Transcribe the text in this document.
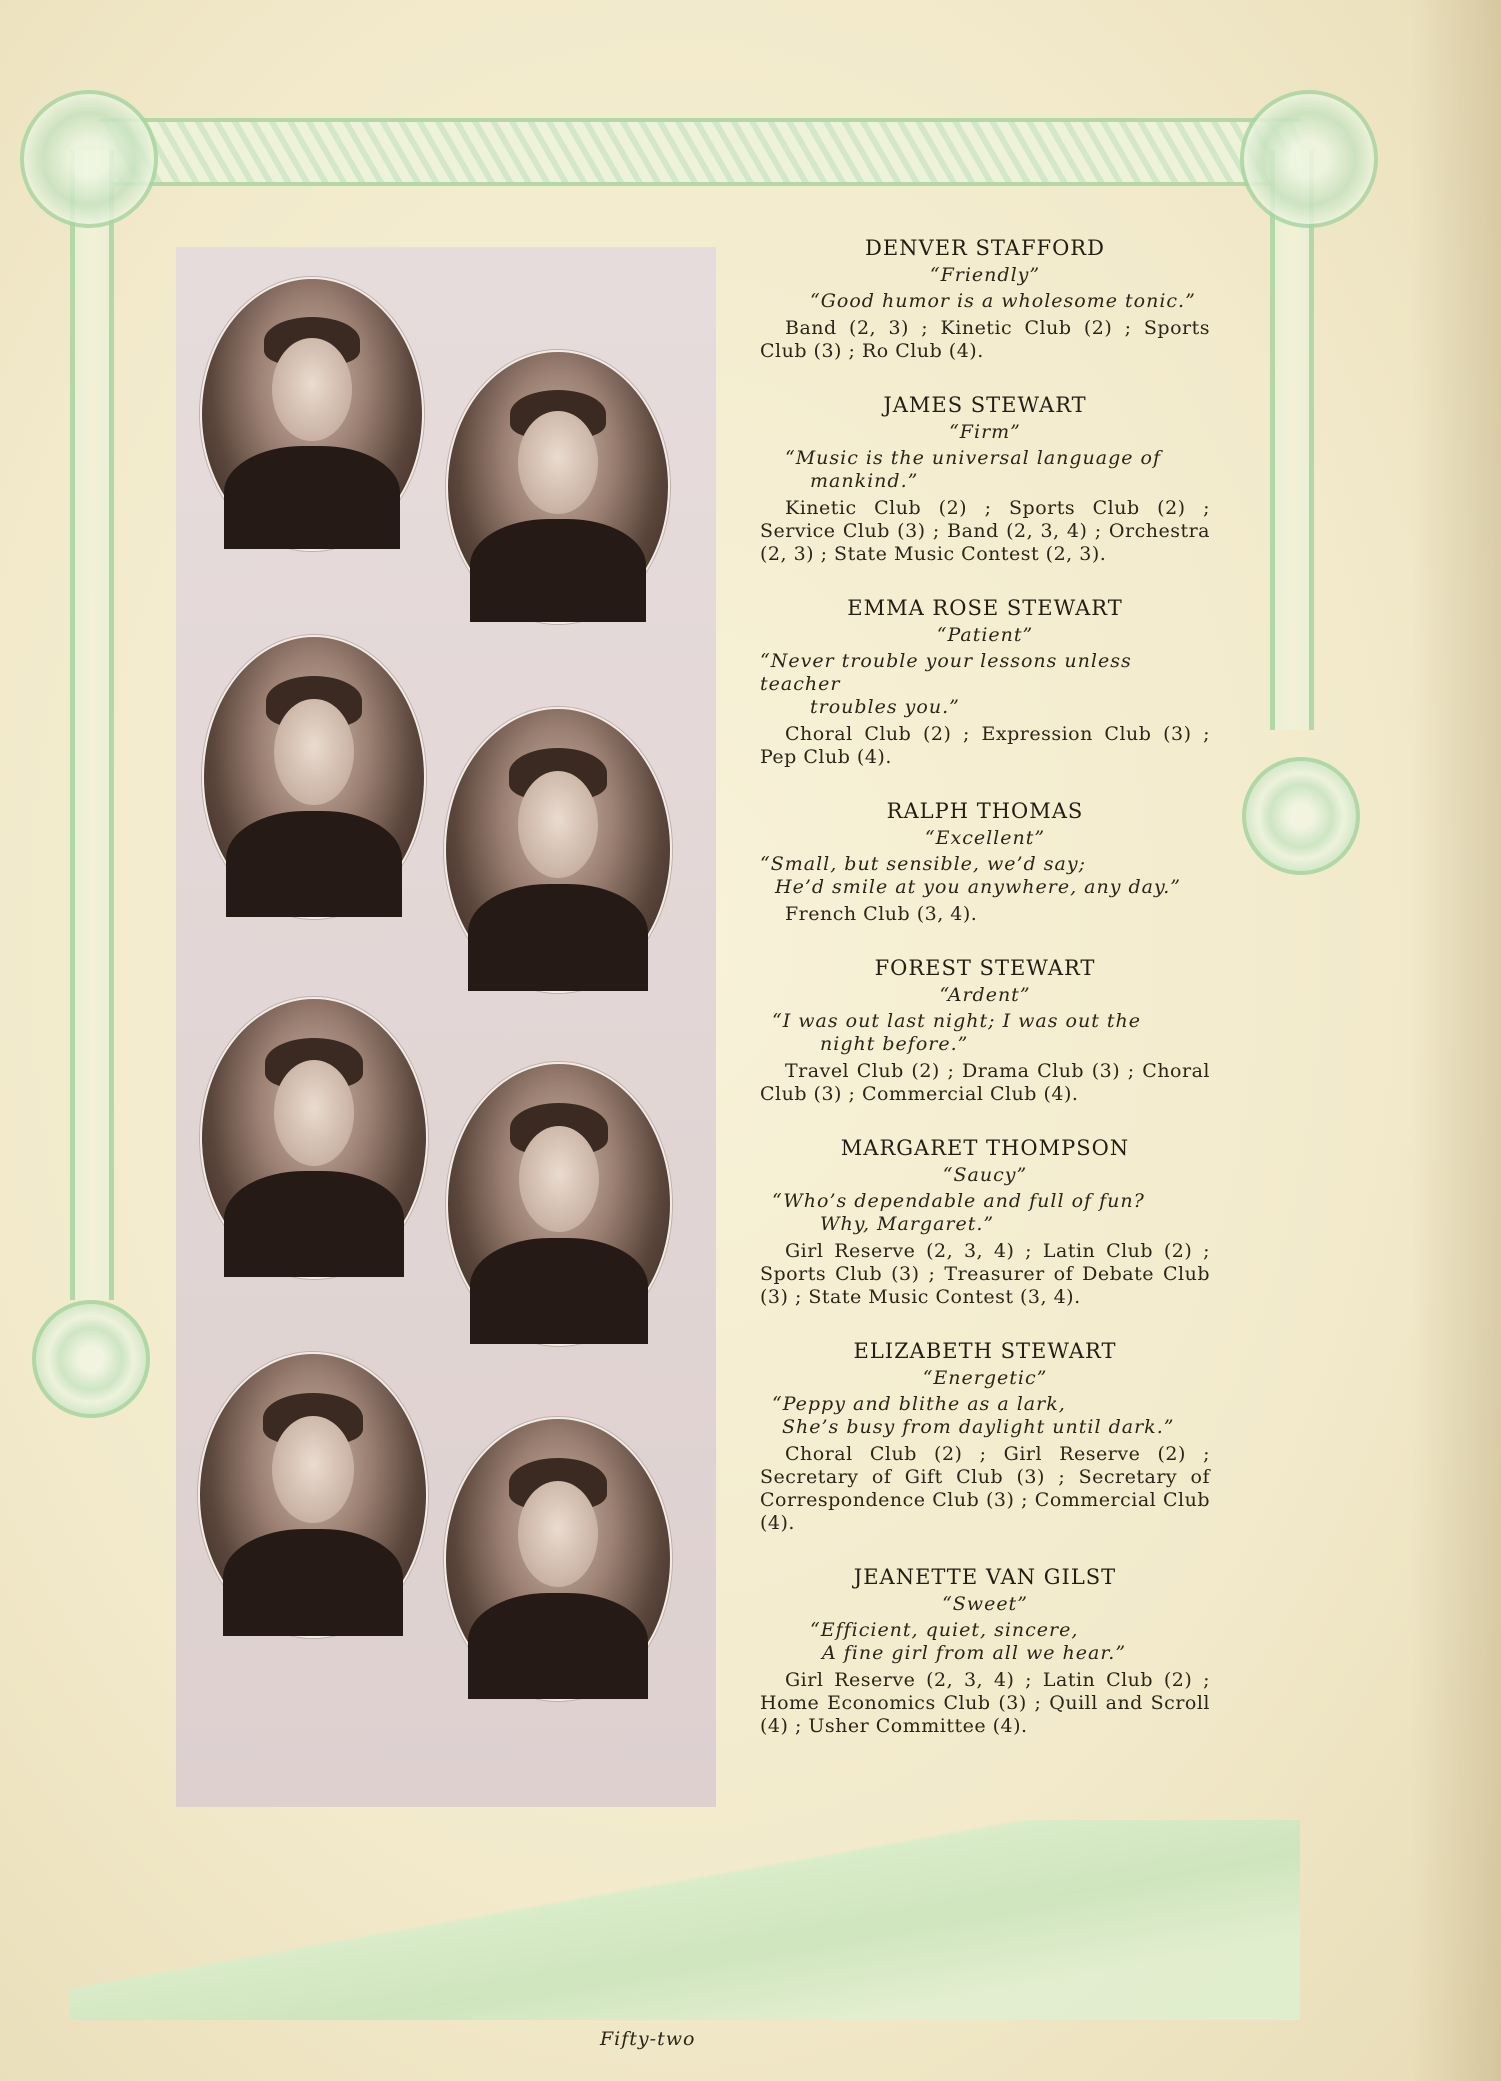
DENVER STAFFORD
“Friendly”
“Good humor is a wholesome tonic.”
Band (2, 3) ; Kinetic Club (2) ; Sports Club (3) ; Ro Club (4).
JAMES STEWART
“Firm”
“Music is the universal language of
mankind.”
Kinetic Club (2) ; Sports Club (2) ; Service Club (3) ; Band (2, 3, 4) ; Orchestra (2, 3) ; State Music Contest (2, 3).
EMMA ROSE STEWART
“Patient”
“Never trouble your lessons unless teacher
troubles you.”
Choral Club (2) ; Expression Club (3) ; Pep Club (4).
RALPH THOMAS
“Excellent”
“Small, but sensible, we’d say;
He’d smile at you anywhere, any day.”
French Club (3, 4).
FOREST STEWART
“Ardent”
“I was out last night; I was out the
night before.”
Travel Club (2) ; Drama Club (3) ; Choral Club (3) ; Commercial Club (4).
MARGARET THOMPSON
“Saucy”
“Who’s dependable and full of fun?
Why, Margaret.”
Girl Reserve (2, 3, 4) ; Latin Club (2) ; Sports Club (3) ; Treasurer of Debate Club (3) ; State Music Contest (3, 4).
ELIZABETH STEWART
“Energetic”
“Peppy and blithe as a lark,
She’s busy from daylight until dark.”
Choral Club (2) ; Girl Reserve (2) ; Secretary of Gift Club (3) ; Secretary of Correspondence Club (3) ; Commercial Club (4).
JEANETTE VAN GILST
“Sweet”
“Efficient, quiet, sincere,
A fine girl from all we hear.”
Girl Reserve (2, 3, 4) ; Latin Club (2) ; Home Economics Club (3) ; Quill and Scroll (4) ; Usher Committee (4).
Fifty-two
